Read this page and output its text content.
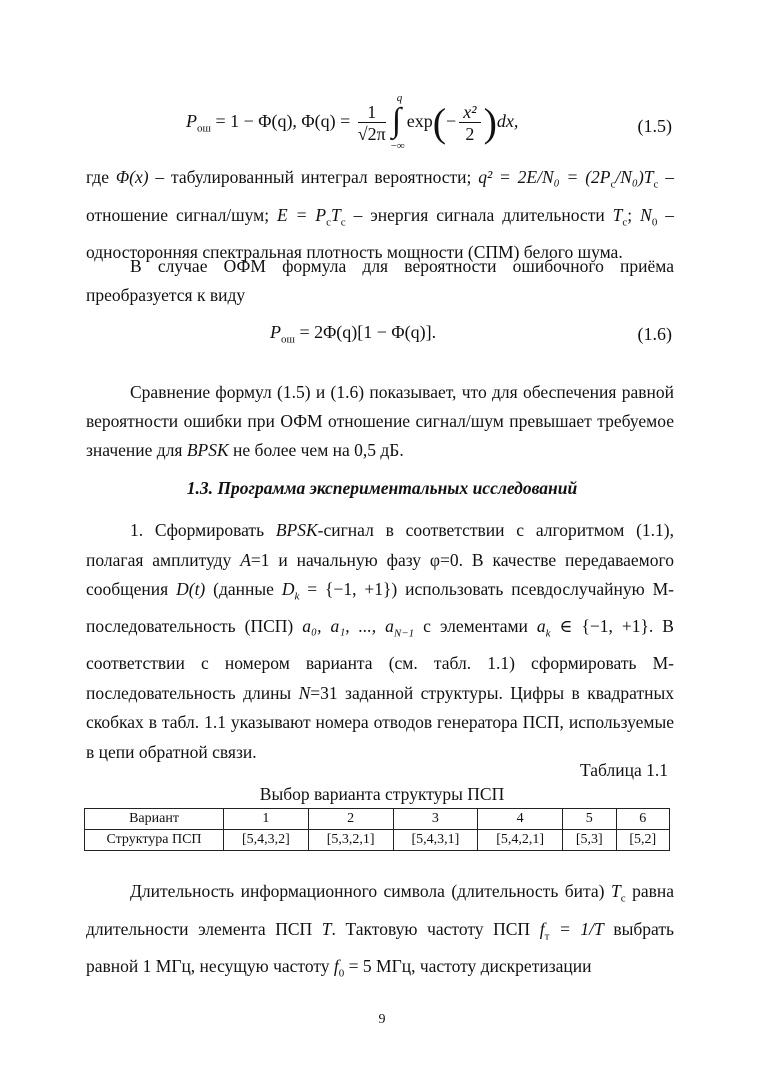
$P_{ош} = 1 - \Phi(q)$, $\Phi(q) = \frac{1}{√2\pi}$ ∫
q
−∞
$\exp(- \frac{\text{x²}}{2} )dx$,	(1.5)
где Φ(x) – табулированный интеграл вероятности; $q^2 = 2E/N_0 = (2P_с/N_0)T_с$ – отношение сигнал/шум; $E = P_сT_с$ – энергия сигнала длительности $T_с$; $N_0$ – односторонняя спектральная плотность мощности (СПМ) белого шума.
В случае ОФМ формула для вероятности ошибочного приёма преобразуется к виду
$P_{ош} = 2\Phi(q)[1 - \Phi(q)]$.	(1.6)
Сравнение формул (1.5) и (1.6) показывает, что для обеспечения равной вероятности ошибки при ОФМ отношение сигнал/шум превышает требуемое значение для BPSK не более чем на 0,5 дБ.
1.3. Программа экспериментальных исследований
1. Сформировать BPSK-сигнал в соответствии с алгоритмом (1.1), полагая амплитуду A=1 и начальную фазу φ=0. В качестве передаваемого сообщения D(t) (данные $D_k = \{-1$, +1}) использовать псевдослучайную М-последовательность (ПСП) a₀, a₁, ..., $a_{N-1}$ с элементами $a_k$ ∈ {−1, +1}. В соответствии с номером варианта (см. табл. 1.1) сформировать М-последовательность длины N=31 заданной структуры. Цифры в квадратных скобках в табл. 1.1 указывают номера отводов генератора ПСП, используемые в цепи обратной связи.
Таблица 1.1
Выбор варианта структуры ПСП
Вариант	1	2	3	4	5	6
Структура ПСП	[5,4,3,2]	[5,3,2,1]	[5,4,3,1]	[5,4,2,1]	[5,3]	[5,2]
Длительность информационного символа (длительность бита) $T_с$ равна длительности элемента ПСП T. Тактовую частоту ПСП $f_т = 1/T$ выбрать равной 1 МГц, несущую частоту $f_0 = 5$ МГц, частоту дискретизации
9
